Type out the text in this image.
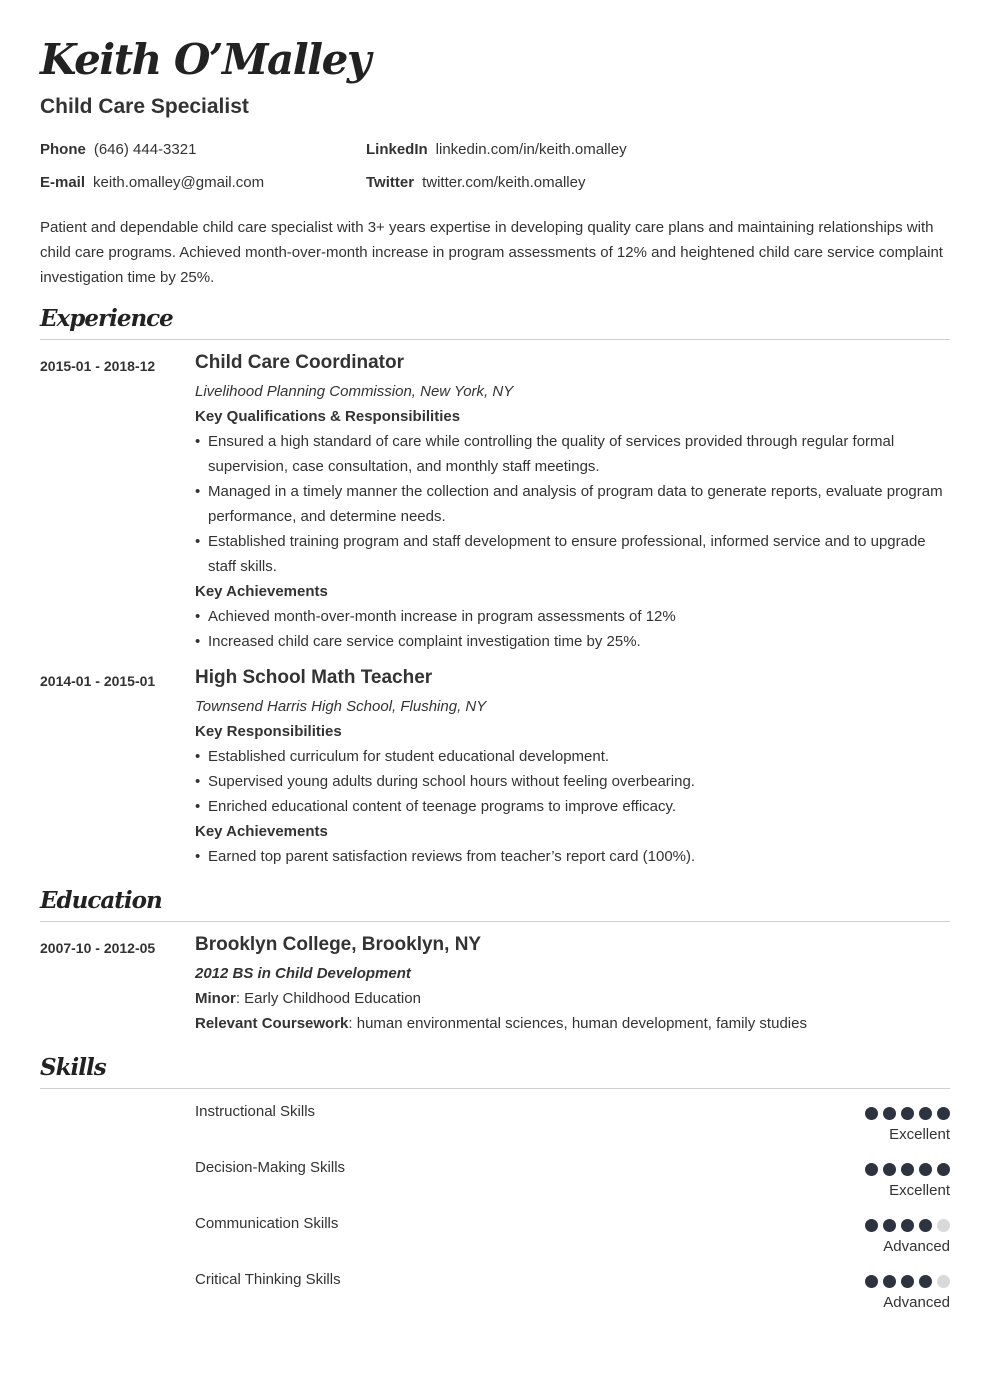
Keith O’Malley
Child Care Specialist
Phone (646) 444-3321
E-mail keith.omalley@gmail.com
LinkedIn linkedin.com/in/keith.omalley
Twitter twitter.com/keith.omalley

Patient and dependable child care specialist with 3+ years expertise in developing quality care plans and maintaining relationships with child care programs. Achieved month-over-month increase in program assessments of 12% and heightened child care service complaint investigation time by 25%.

Experience
2015-01 - 2018-12 Child Care Coordinator
Livelihood Planning Commission, New York, NY
Key Qualifications & Responsibilities
• Ensured a high standard of care while controlling the quality of services provided through regular formal supervision, case consultation, and monthly staff meetings.
• Managed in a timely manner the collection and analysis of program data to generate reports, evaluate program performance, and determine needs.
• Established training program and staff development to ensure professional, informed service and to upgrade staff skills.
Key Achievements
• Achieved month-over-month increase in program assessments of 12%
• Increased child care service complaint investigation time by 25%.
2014-01 - 2015-01 High School Math Teacher
Townsend Harris High School, Flushing, NY
Key Responsibilities
• Established curriculum for student educational development.
• Supervised young adults during school hours without feeling overbearing.
• Enriched educational content of teenage programs to improve efficacy.
Key Achievements
• Earned top parent satisfaction reviews from teacher’s report card (100%).
Education
2007-10 - 2012-05 Brooklyn College, Brooklyn, NY
2012 BS in Child Development
Minor: Early Childhood Education
Relevant Coursework: human environmental sciences, human development, family studies
Skills
Instructional Skills
Excellent
Decision-Making Skills
Excellent
Communication Skills
Advanced
Critical Thinking Skills
Advanced
